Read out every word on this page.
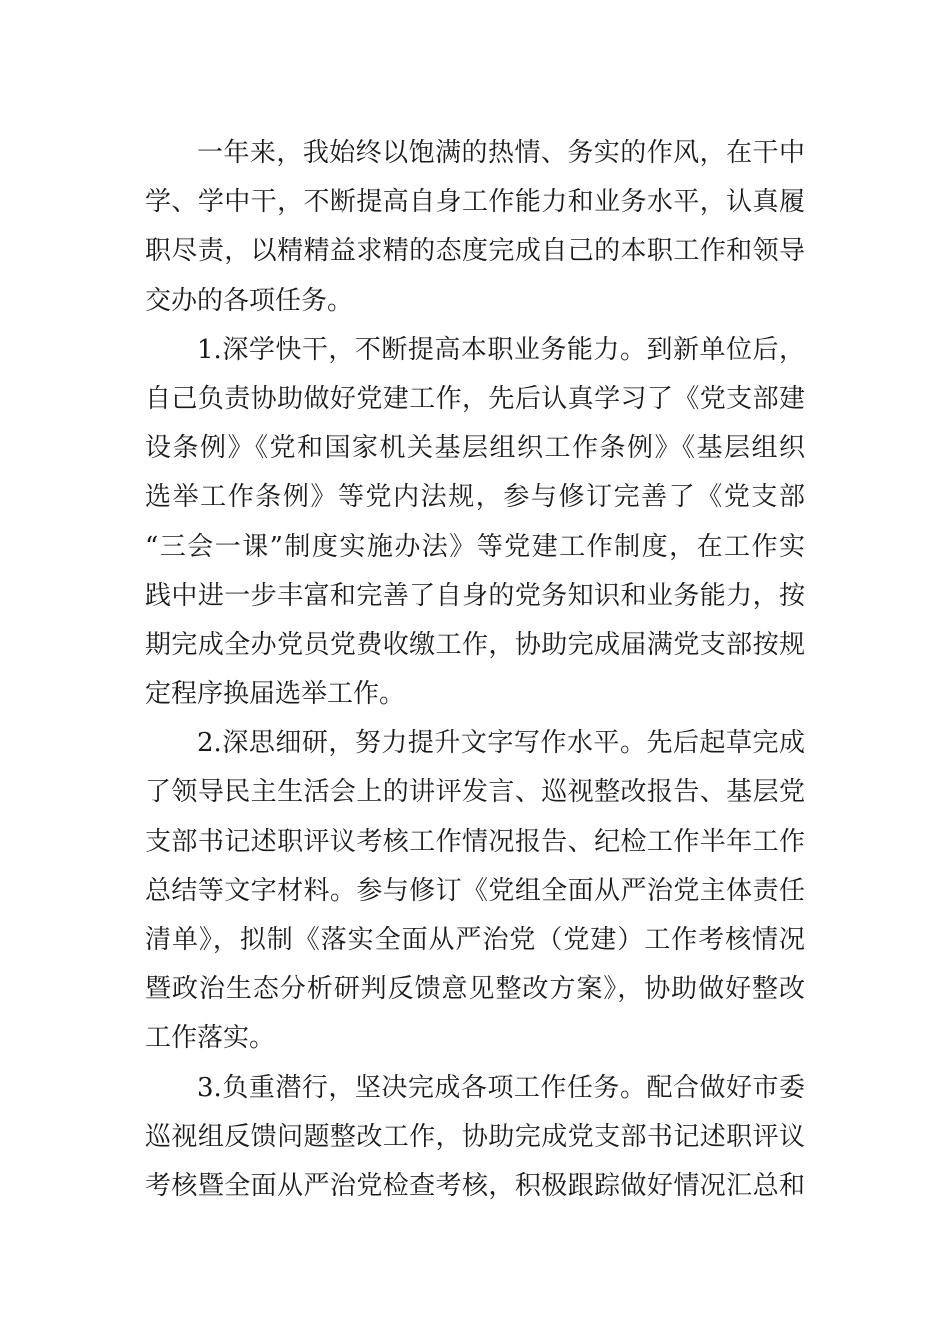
一年来，我始终以饱满的热情、务实的作风，在干中
学、学中干，不断提高自身工作能力和业务水平，认真履
职尽责，以精精益求精的态度完成自己的本职工作和领导
交办的各项任务。
1.深学快干，不断提高本职业务能力。到新单位后，
自己负责协助做好党建工作，先后认真学习了《党支部建
设条例》《党和国家机关基层组织工作条例》《基层组织
选举工作条例》等党内法规，参与修订完善了《党支部
“三会一课”制度实施办法》等党建工作制度，在工作实
践中进一步丰富和完善了自身的党务知识和业务能力，按
期完成全办党员党费收缴工作，协助完成届满党支部按规
定程序换届选举工作。
2.深思细研，努力提升文字写作水平。先后起草完成
了领导民主生活会上的讲评发言、巡视整改报告、基层党
支部书记述职评议考核工作情况报告、纪检工作半年工作
总结等文字材料。参与修订《党组全面从严治党主体责任
清单》，拟制《落实全面从严治党（党建）工作考核情况
暨政治生态分析研判反馈意见整改方案》，协助做好整改
工作落实。
3.负重潜行，坚决完成各项工作任务。配合做好市委
巡视组反馈问题整改工作，协助完成党支部书记述职评议
考核暨全面从严治党检查考核，积极跟踪做好情况汇总和
